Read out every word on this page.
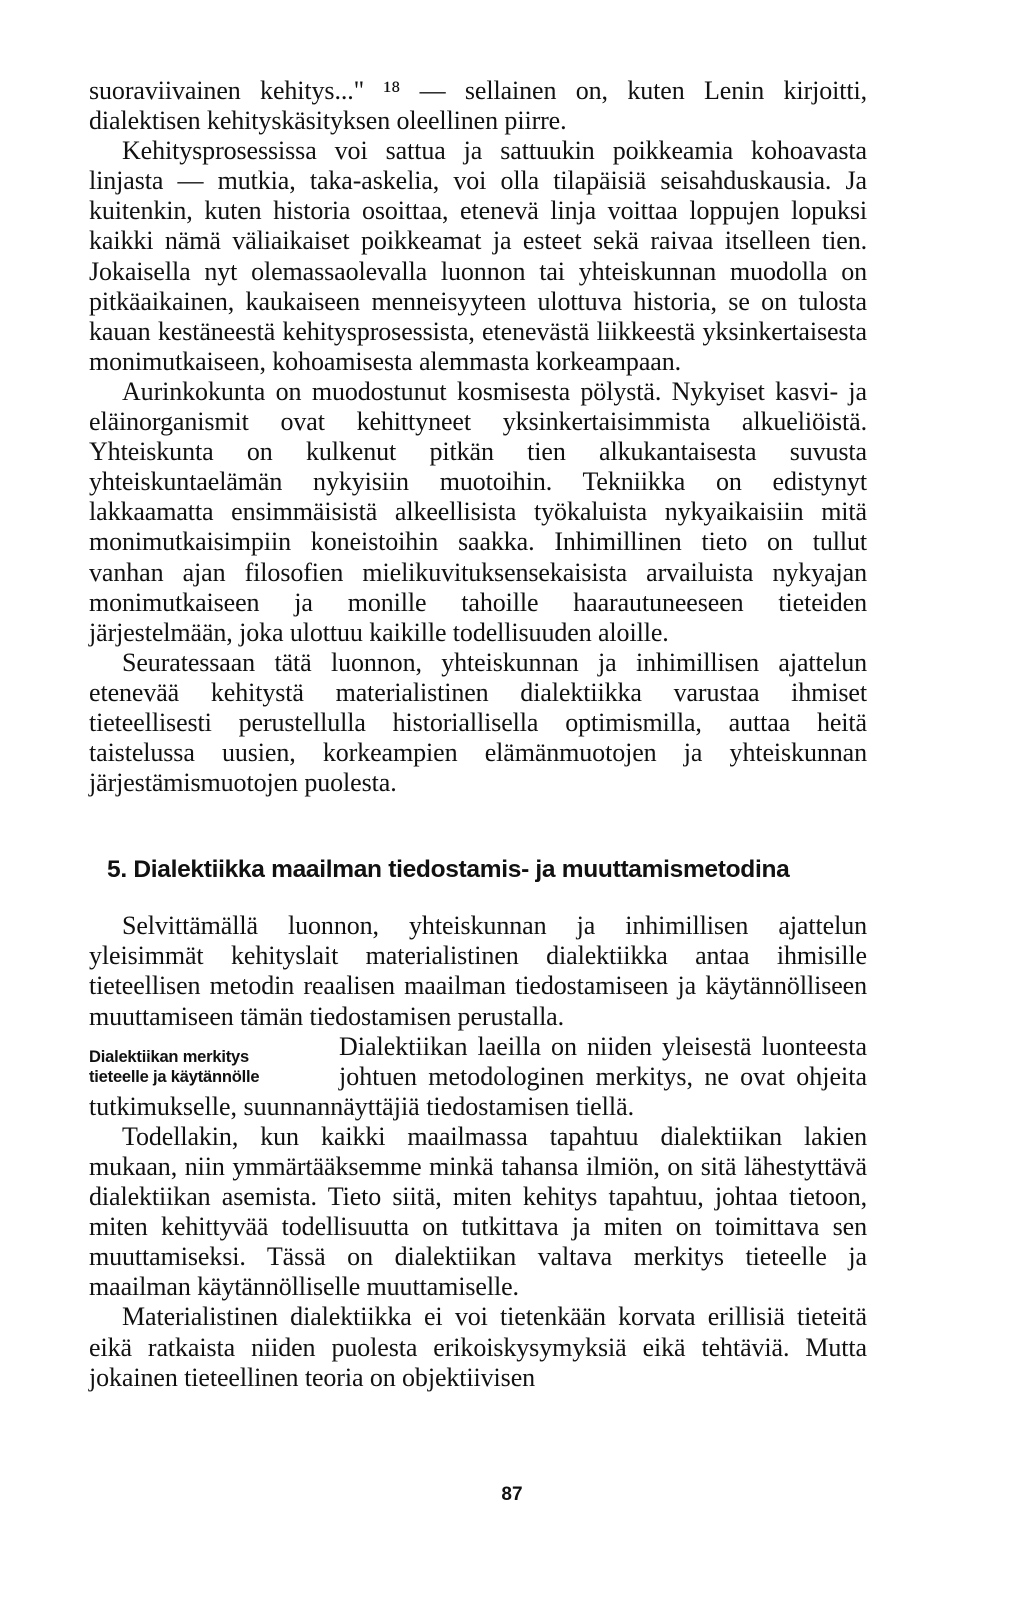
suoraviivainen kehitys..." ¹⁸ — sellainen on, kuten Lenin kirjoitti, dialektisen kehityskäsityksen oleellinen piirre.

Kehitysprosessissa voi sattua ja sattuukin poikkeamia kohoavasta linjasta — mutkia, taka-askelia, voi olla tilapäisiä seisahduskausia. Ja kuitenkin, kuten historia osoittaa, etenevä linja voittaa loppujen lopuksi kaikki nämä väliaikaiset poikkeamat ja esteet sekä raivaa itselleen tien. Jokaisella nyt olemassaolevalla luonnon tai yhteiskunnan muodolla on pitkäaikainen, kaukaiseen menneisyyteen ulottuva historia, se on tulosta kauan kestäneestä kehitysprosessista, etenevästä liikkeestä yksinkertaisesta monimutkaiseen, kohoamisesta alemmasta korkeampaan.

Aurinkokunta on muodostunut kosmisesta pölystä. Nykyiset kasvi- ja eläinorganismit ovat kehittyneet yksinkertaisimmista alkueliöistä. Yhteiskunta on kulkenut pitkän tien alkukantaisesta suvusta yhteiskuntaelämän nykyisiin muotoihin. Tekniikka on edistynyt lakkaamatta ensimmäisistä alkeellisista työkaluista nykyaikaisiin mitä monimutkaisimpiin koneistoihin saakka. Inhimillinen tieto on tullut vanhan ajan filosofien mielikuvituksensekaisista arvailuista nykyajan monimutkaiseen ja monille tahoille haarautuneeseen tieteiden järjestelmään, joka ulottuu kaikille todellisuuden aloille.

Seuratessaan tätä luonnon, yhteiskunnan ja inhimillisen ajattelun etenevää kehitystä materialistinen dialektiikka varustaa ihmiset tieteellisesti perustellulla historiallisella optimismilla, auttaa heitä taistelussa uusien, korkeampien elämänmuotojen ja yhteiskunnan järjestämismuotojen puolesta.

5. Dialektiikka maailman tiedostamis- ja muuttamismetodina

Selvittämällä luonnon, yhteiskunnan ja inhimillisen ajattelun yleisimmät kehityslait materialistinen dialektiikka antaa ihmisille tieteellisen metodin reaalisen maailman tiedostamiseen ja käytännölliseen muuttamiseen tämän tiedostamisen perustalla.

Dialektiikan merkitys
tieteelle ja käytännölle

Dialektiikan laeilla on niiden yleisestä luonteesta johtuen metodologinen merkitys, ne ovat ohjeita tutkimukselle, suunnannäyttäjiä tiedostamisen tiellä.

Todellakin, kun kaikki maailmassa tapahtuu dialektiikan lakien mukaan, niin ymmärtääksemme minkä tahansa ilmiön, on sitä lähestyttävä dialektiikan asemista. Tieto siitä, miten kehitys tapahtuu, johtaa tietoon, miten kehittyvää todellisuutta on tutkittava ja miten on toimittava sen muuttamiseksi. Tässä on dialektiikan valtava merkitys tieteelle ja maailman käytännölliselle muuttamiselle.

Materialistinen dialektiikka ei voi tietenkään korvata erillisiä tieteitä eikä ratkaista niiden puolesta erikoiskysymyksiä eikä tehtäviä. Mutta jokainen tieteellinen teoria on objektiivisen

87
